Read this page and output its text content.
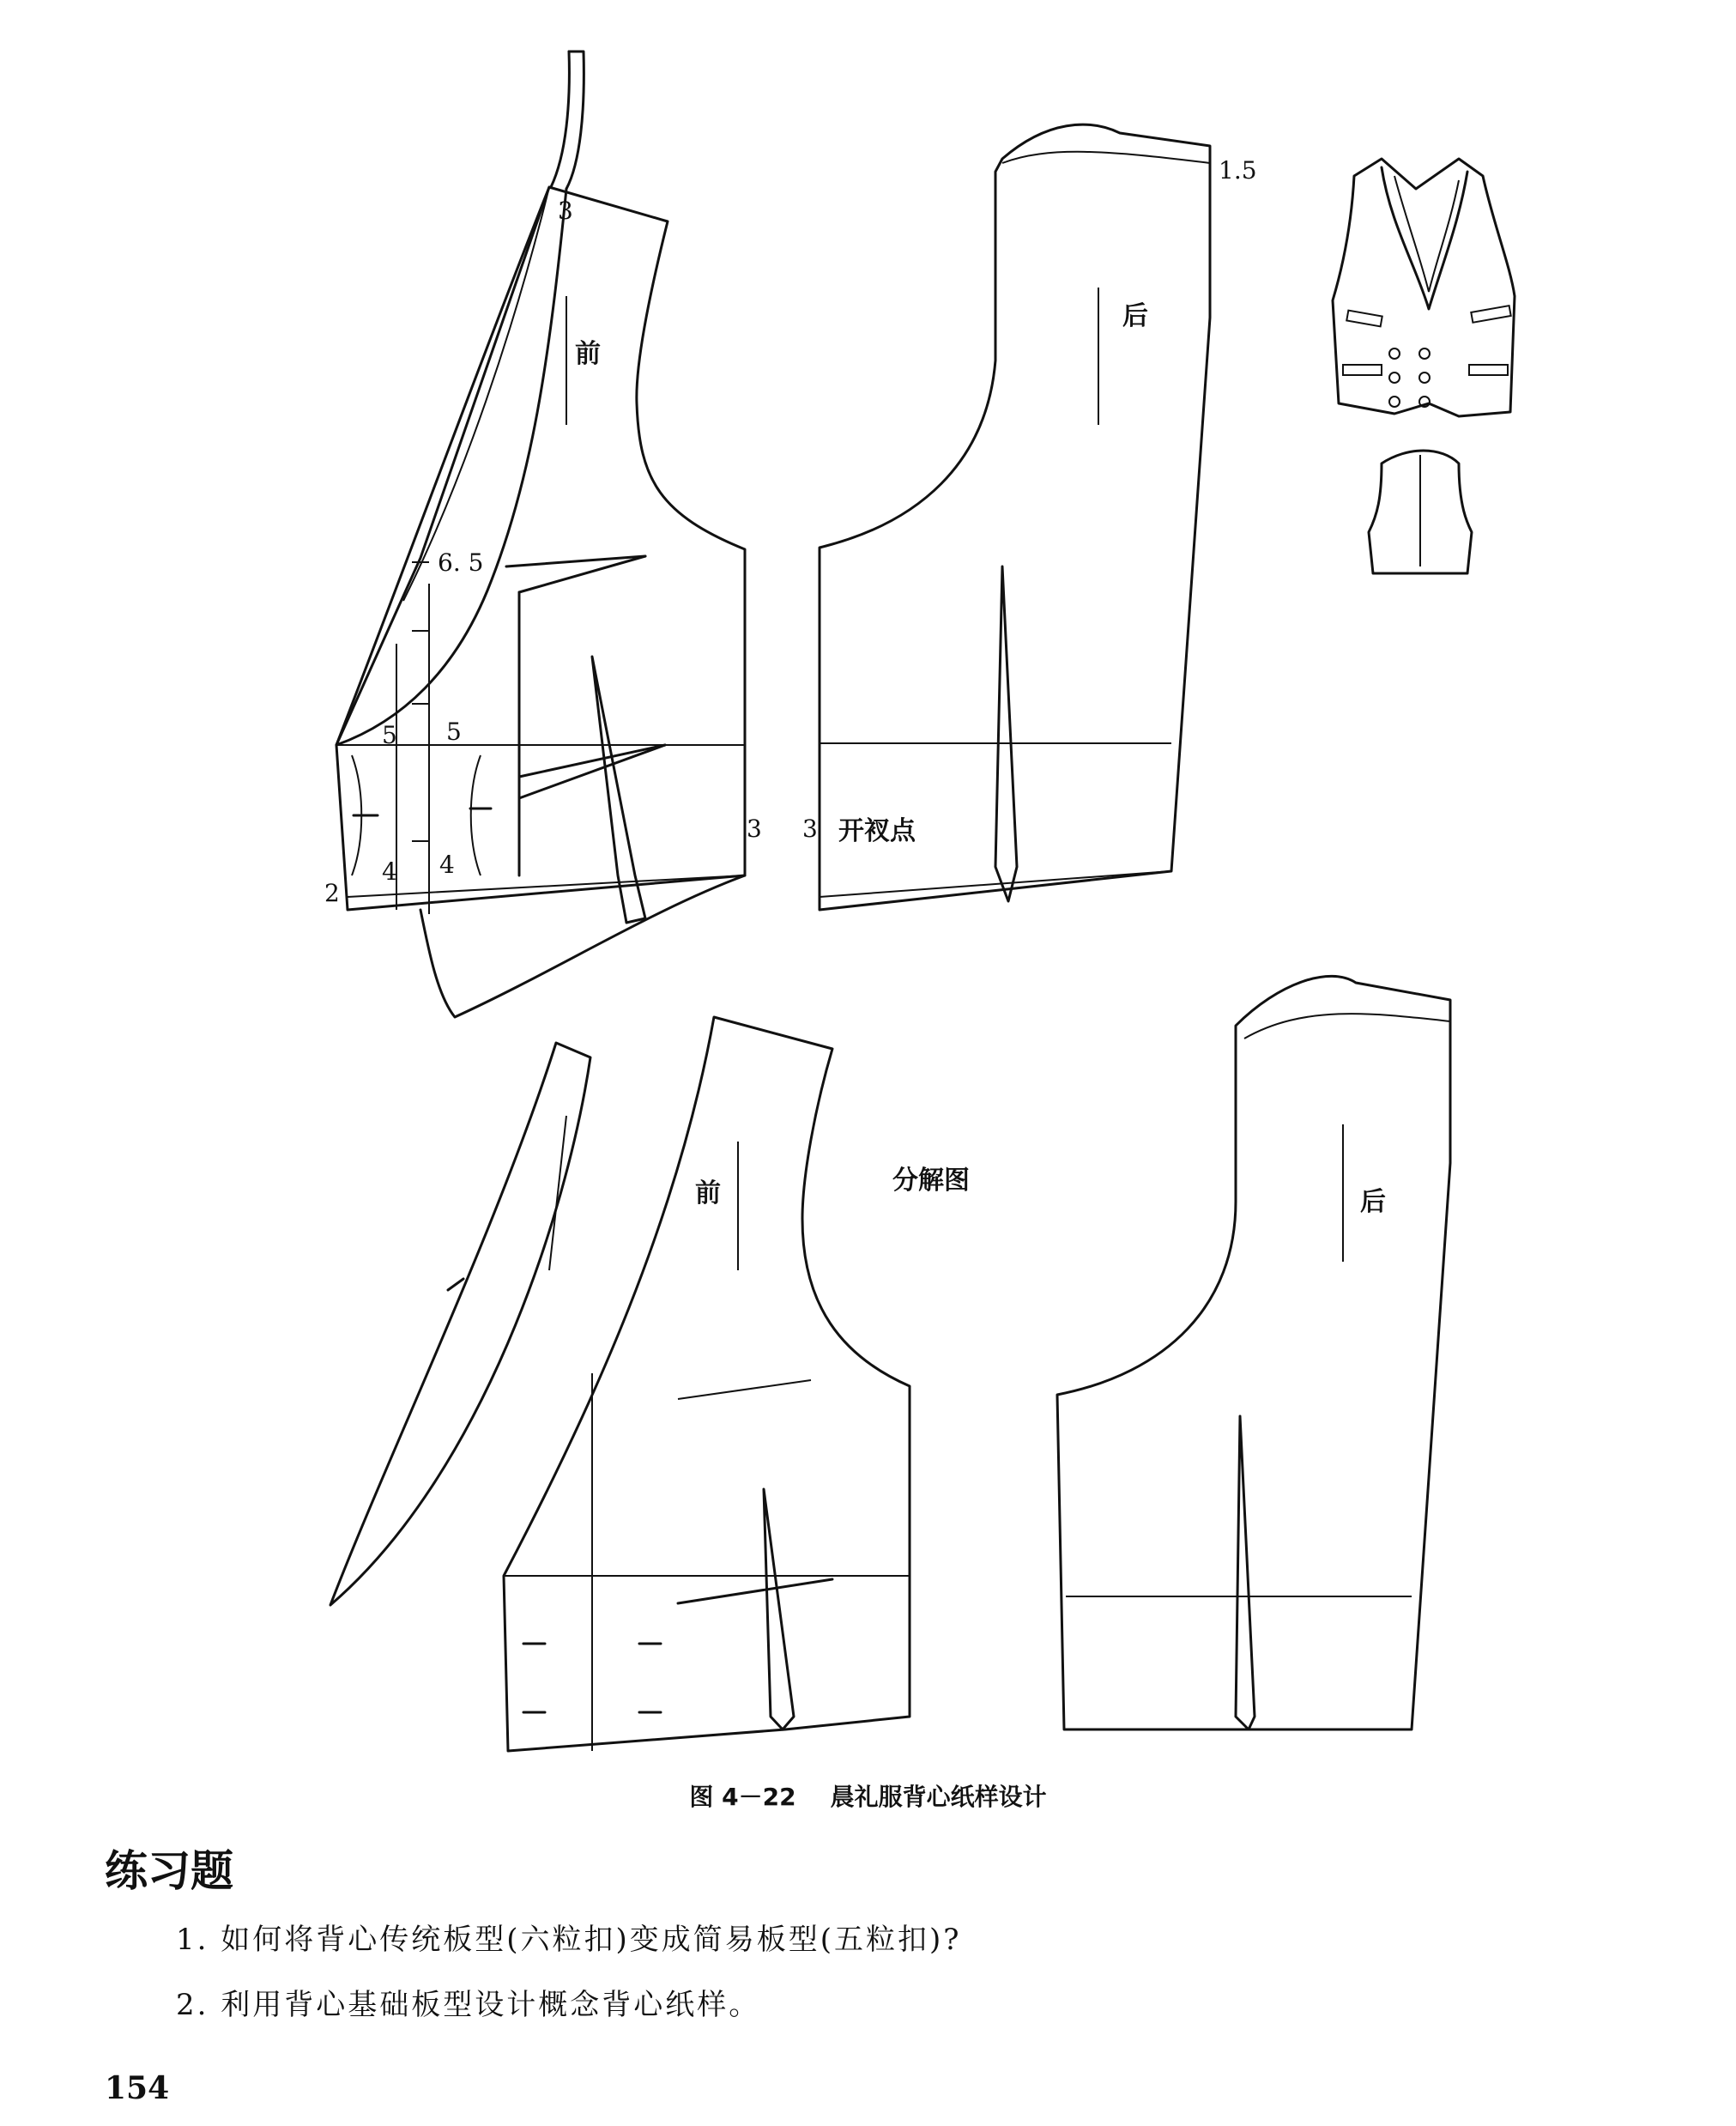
3
6. 5
5 5
4 4
2
3
前
1.5
3 开衩点
后
前	分解图
后
图 4－22 晨礼服背心纸样设计
练习题
1. 如何将背心传统板型(六粒扣)变成简易板型(五粒扣)?
2. 利用背心基础板型设计概念背心纸样。
154
